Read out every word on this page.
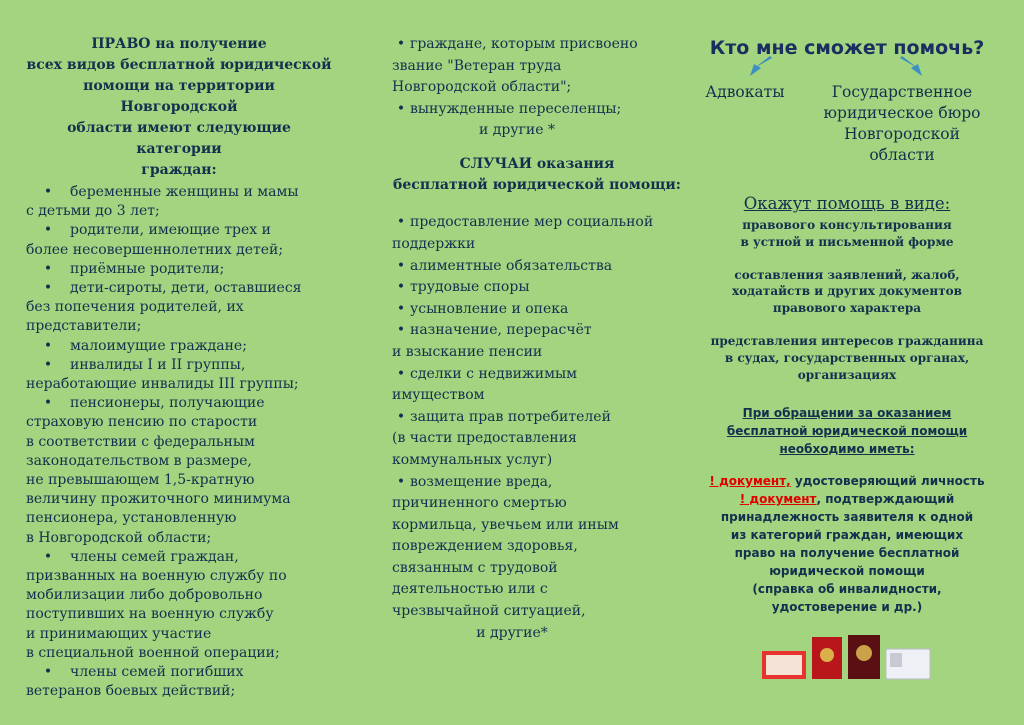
ПРАВО на получение
всех видов бесплатной юридической
помощи на территории Новгородской
области имеют следующие категории
граждан:
• беременные женщины и мамы
с детьми до 3 лет;
• родители, имеющие трех и
более несовершеннолетних детей;
• приёмные родители;
• дети-сироты, дети, оставшиеся
без попечения родителей, их
представители;
• малоимущие граждане;
• инвалиды I и II группы,
неработающие инвалиды III группы;
• пенсионеры, получающие
страховую пенсию по старости
в соответствии с федеральным
законодательством в размере,
не превышающем 1,5-кратную
величину прожиточного минимума
пенсионера, установленную
в Новгородской области;
• члены семей граждан,
призванных на военную службу по
мобилизации либо добровольно
поступивших на военную службу
и принимающих участие
в специальной военной операции;
• члены семей погибших
ветеранов боевых действий;
• граждане, которым присвоено
звание "Ветеран труда
Новгородской области";
• вынужденные переселенцы;
и другие *
СЛУЧАИ оказания
бесплатной юридической помощи:
• предоставление мер социальной
поддержки
• алиментные обязательства
• трудовые споры
• усыновление и опека
• назначение, перерасчёт
и взыскание пенсии
• сделки с недвижимым
имуществом
• защита прав потребителей
(в части предоставления
коммунальных услуг)
• возмещение вреда,
причиненного смертью
кормильца, увечьем или иным
повреждением здоровья,
связанным с трудовой
деятельностью или с
чрезвычайной ситуацией,
и другие*
Кто мне сможет помочь?
Адвокаты	Государственное
юридическое бюро
Новгородской
области
Окажут помощь в виде:
правового консультирования
в устной и письменной форме
составления заявлений, жалоб,
ходатайств и других документов
правового характера
представления интересов гражданина
в судах, государственных органах,
организациях
При обращении за оказанием
бесплатной юридической помощи
необходимо иметь:
! документ, удостоверяющий личность
! документ, подтверждающий
принадлежность заявителя к одной
из категорий граждан, имеющих
право на получение бесплатной
юридической помощи
(справка об инвалидности,
удостоверение и др.)
